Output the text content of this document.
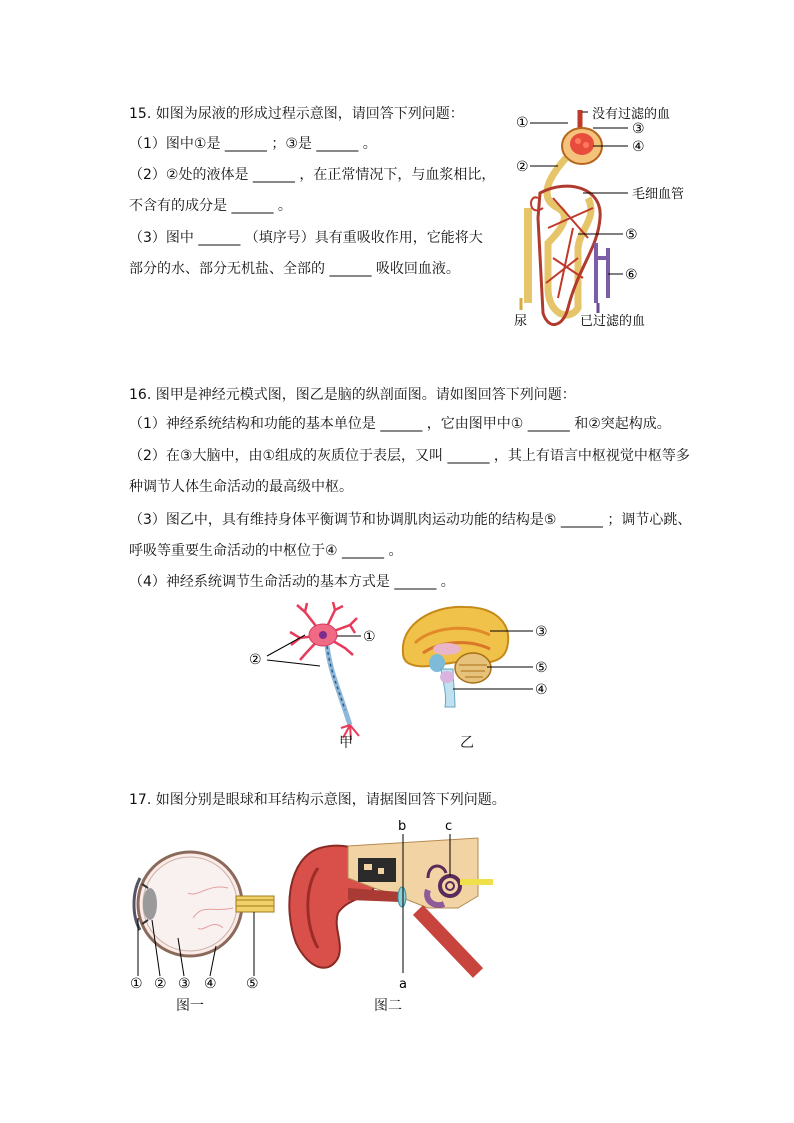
15. 如图为尿液的形成过程示意图，请回答下列问题：
（1）图中①是 ______ ；③是 ______ 。
（2）②处的液体是 ______ ，在正常情况下，与血浆相比，
不含有的成分是 ______ 。
（3）图中 ______ （填序号）具有重吸收作用，它能将大
部分的水、部分无机盐、全部的 ______ 吸收回血液。
①
没有过滤的血
③
④
②
毛细血管
⑤
⑥
尿	已过滤的血
16. 图甲是神经元模式图，图乙是脑的纵剖面图。请如图回答下列问题：
（1）神经系统结构和功能的基本单位是 ______ ，它由图甲中① ______ 和②突起构成。
（2）在③大脑中，由①组成的灰质位于表层，又叫 ______ ，其上有语言中枢视觉中枢等多
种调节人体生命活动的最高级中枢。
（3）图乙中，具有维持身体平衡调节和协调肌肉运动功能的结构是⑤ ______ ；调节心跳、
呼吸等重要生命活动的中枢位于④ ______ 。
（4）神经系统调节生命活动的基本方式是 ______ 。
①
②
③
⑤
④
甲	乙
17. 如图分别是眼球和耳结构示意图，请据图回答下列问题。
① ② ③ ④ ⑤
图一
b	c
a
图二
